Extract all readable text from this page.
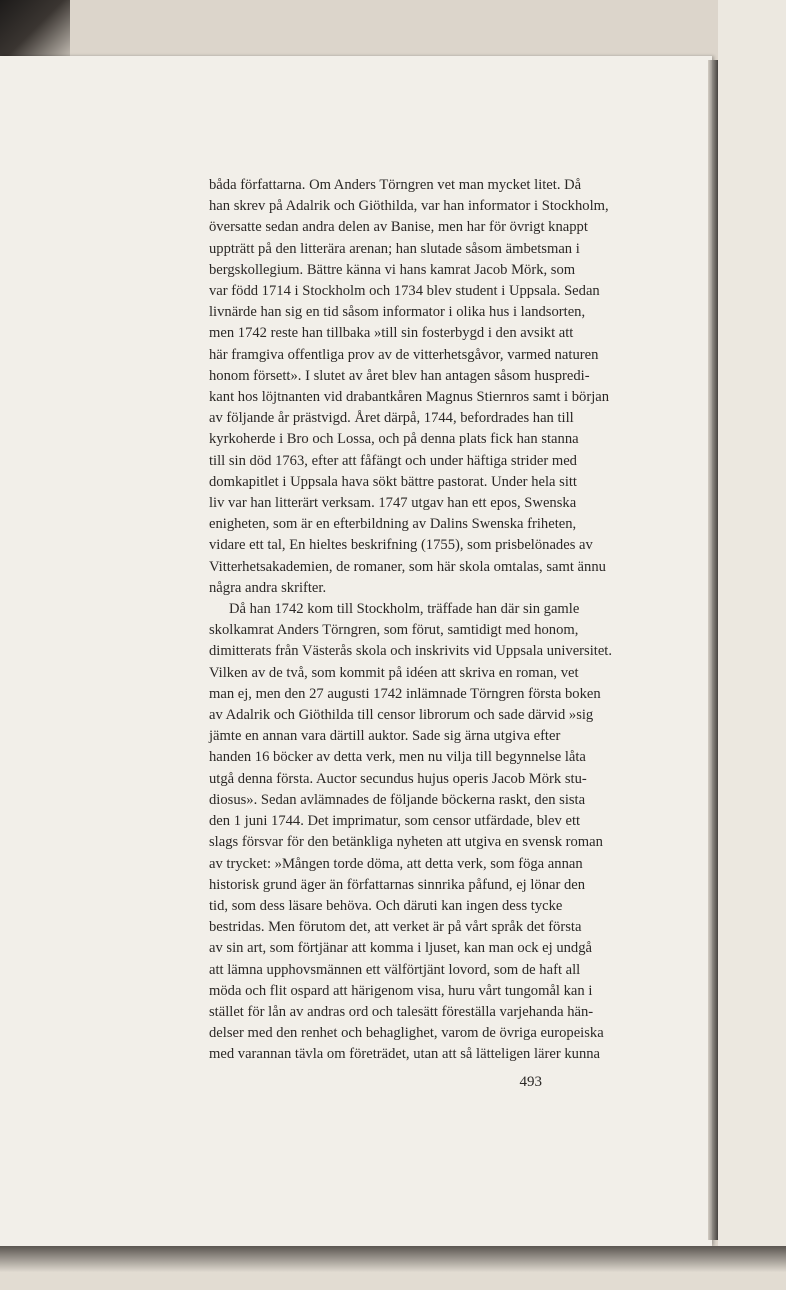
båda författarna. Om Anders Törngren vet man mycket litet. Då

han skrev på Adalrik och Giöthilda, var han informator i Stockholm,

översatte sedan andra delen av Banise, men har för övrigt knappt

uppträtt på den litterära arenan; han slutade såsom ämbetsman i

bergskollegium. Bättre känna vi hans kamrat Jacob Mörk, som

var född 1714 i Stockholm och 1734 blev student i Uppsala. Sedan

livnärde han sig en tid såsom informator i olika hus i landsorten,

men 1742 reste han tillbaka »till sin fosterbygd i den avsikt att

här framgiva offentliga prov av de vitterhetsgåvor, varmed naturen

honom försett». I slutet av året blev han antagen såsom huspredi-

kant hos löjtnanten vid drabantkåren Magnus Stiernros samt i början

av följande år prästvigd. Året därpå, 1744, befordrades han till

kyrkoherde i Bro och Lossa, och på denna plats fick han stanna

till sin död 1763, efter att fåfängt och under häftiga strider med

domkapitlet i Uppsala hava sökt bättre pastorat. Under hela sitt

liv var han litterärt verksam. 1747 utgav han ett epos, Swenska

enigheten, som är en efterbildning av Dalins Swenska friheten,

vidare ett tal, En hieltes beskrifning (1755), som prisbelönades av

Vitterhetsakademien, de romaner, som här skola omtalas, samt ännu

några andra skrifter.

Då han 1742 kom till Stockholm, träffade han där sin gamle

skolkamrat Anders Törngren, som förut, samtidigt med honom,

dimitterats från Västerås skola och inskrivits vid Uppsala universitet.

Vilken av de två, som kommit på idéen att skriva en roman, vet

man ej, men den 27 augusti 1742 inlämnade Törngren första boken

av Adalrik och Giöthilda till censor librorum och sade därvid »sig

jämte en annan vara därtill auktor. Sade sig ärna utgiva efter

handen 16 böcker av detta verk, men nu vilja till begynnelse låta

utgå denna första. Auctor secundus hujus operis Jacob Mörk stu-

diosus». Sedan avlämnades de följande böckerna raskt, den sista

den 1 juni 1744. Det imprimatur, som censor utfärdade, blev ett

slags försvar för den betänkliga nyheten att utgiva en svensk roman

av trycket: »Mången torde döma, att detta verk, som föga annan

historisk grund äger än författarnas sinnrika påfund, ej lönar den

tid, som dess läsare behöva. Och däruti kan ingen dess tycke

bestridas. Men förutom det, att verket är på vårt språk det första

av sin art, som förtjänar att komma i ljuset, kan man ock ej undgå

att lämna upphovsmännen ett välförtjänt lovord, som de haft all

möda och flit ospard att härigenom visa, huru vårt tungomål kan i

stället för lån av andras ord och talesätt föreställa varjehanda hän-

delser med den renhet och behaglighet, varom de övriga europeiska

med varannan tävla om företrädet, utan att så lätteligen lärer kunna

493
